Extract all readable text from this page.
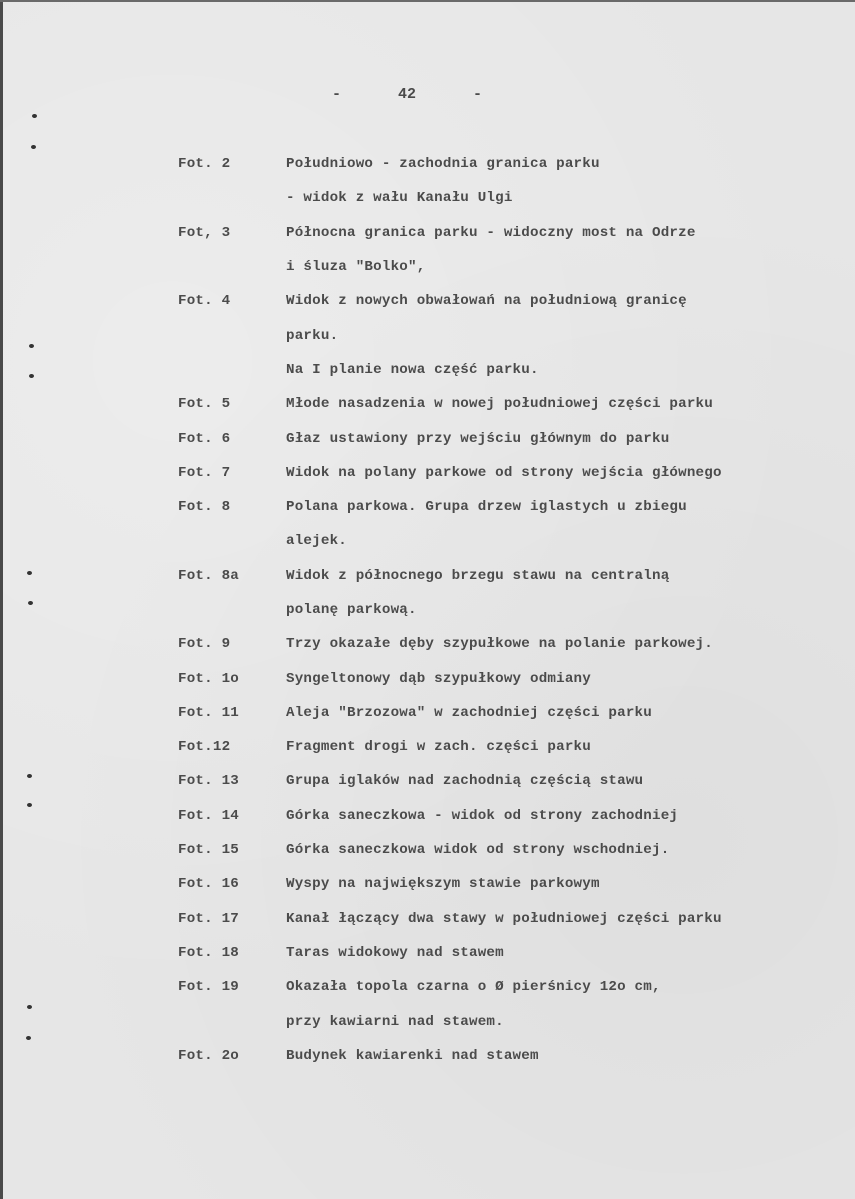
-	42	-
Fot. 2	Południowo - zachodnia granica parku
- widok z wału Kanału Ulgi
Fot, 3	Północna granica parku - widoczny most na Odrze
i śluza "Bolko",
Fot. 4	Widok z nowych obwałowań na południową granicę
parku.
Na I planie nowa część parku.
Fot. 5	Młode nasadzenia w nowej południowej części parku
Fot. 6	Głaz ustawiony przy wejściu głównym do parku
Fot. 7	Widok na polany parkowe od strony wejścia głównego
Fot. 8	Polana parkowa. Grupa drzew iglastych u zbiegu
alejek.
Fot. 8a	Widok z północnego brzegu stawu na centralną
polanę parkową.
Fot. 9	Trzy okazałe dęby szypułkowe na polanie parkowej.
Fot. 1o	Syngeltonowy dąb szypułkowy odmiany
Fot. 11	Aleja "Brzozowa" w zachodniej części parku
Fot.12	Fragment drogi w zach. części parku
Fot. 13	Grupa iglaków nad zachodnią częścią stawu
Fot. 14	Górka saneczkowa - widok od strony zachodniej
Fot. 15	Górka saneczkowa widok od strony wschodniej.
Fot. 16	Wyspy na największym stawie parkowym
Fot. 17	Kanał łączący dwa stawy w południowej części parku
Fot. 18	Taras widokowy nad stawem
Fot. 19	Okazała topola czarna o Ø pierśnicy 12o cm,
przy kawiarni nad stawem.
Fot. 2o	Budynek kawiarenki nad stawem
